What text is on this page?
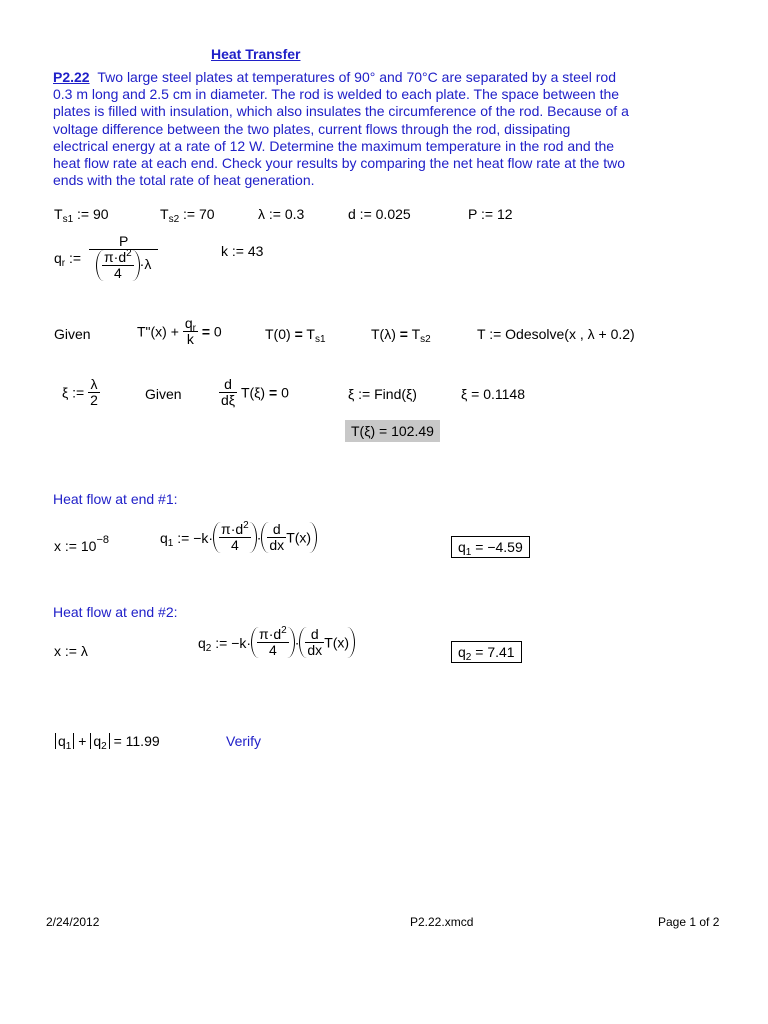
Heat Transfer
P2.22 Two large steel plates at temperatures of 90° and 70°C are separated by a steel rod
0.3 m long and 2.5 cm in diameter. The rod is welded to each plate. The space between the
plates is filled with insulation, which also insulates the circumference of the rod. Because of a
voltage difference between the two plates, current flows through the rod, dissipating
electrical energy at a rate of 12 W. Determine the maximum temperature in the rod and the
heat flow rate at each end. Check your results by comparing the net heat flow rate at the two
ends with the total rate of heat generation.
$T_{s1}$ := 90	$T_{s2}$ := 70	λ := 0.3	d := 0.025	P := 12
$q_r$ := $\frac{P}{\frac{\pi\cdot d^2}{4} \cdot\lambda}$	k := 43
Given	T"(x) + $\frac{q_r}{k} = 0$	$T(0) = T_{s1}$	$T(\lambda) = T_{s2}$	T := Odesolve(x , λ + 0.2)
ξ := $\frac{\lambda}{2}$	Given	$\frac{d}{d\xi} T(\xi) = 0$	ξ := Find(ξ)	ξ = 0.1148
T(ξ) = 102.49
Heat flow at end #1:
x := $10^{-8}$	$q_1$ := $-k\cdot \frac{\pi\cdot d^2}{4} \cdot \frac{d}{dx} T(x)$
$q_1 = -4.59$
Heat flow at end #2:
x := λ
$q_2$ := $-k\cdot \frac{\pi\cdot d^2}{4} \cdot \frac{d}{dx} T(x)$
$q_2 = 7.41$
$q_1 + q_2 = 11.99$	Verify
2/24/2012	P2.22.xmcd	Page 1 of 2
